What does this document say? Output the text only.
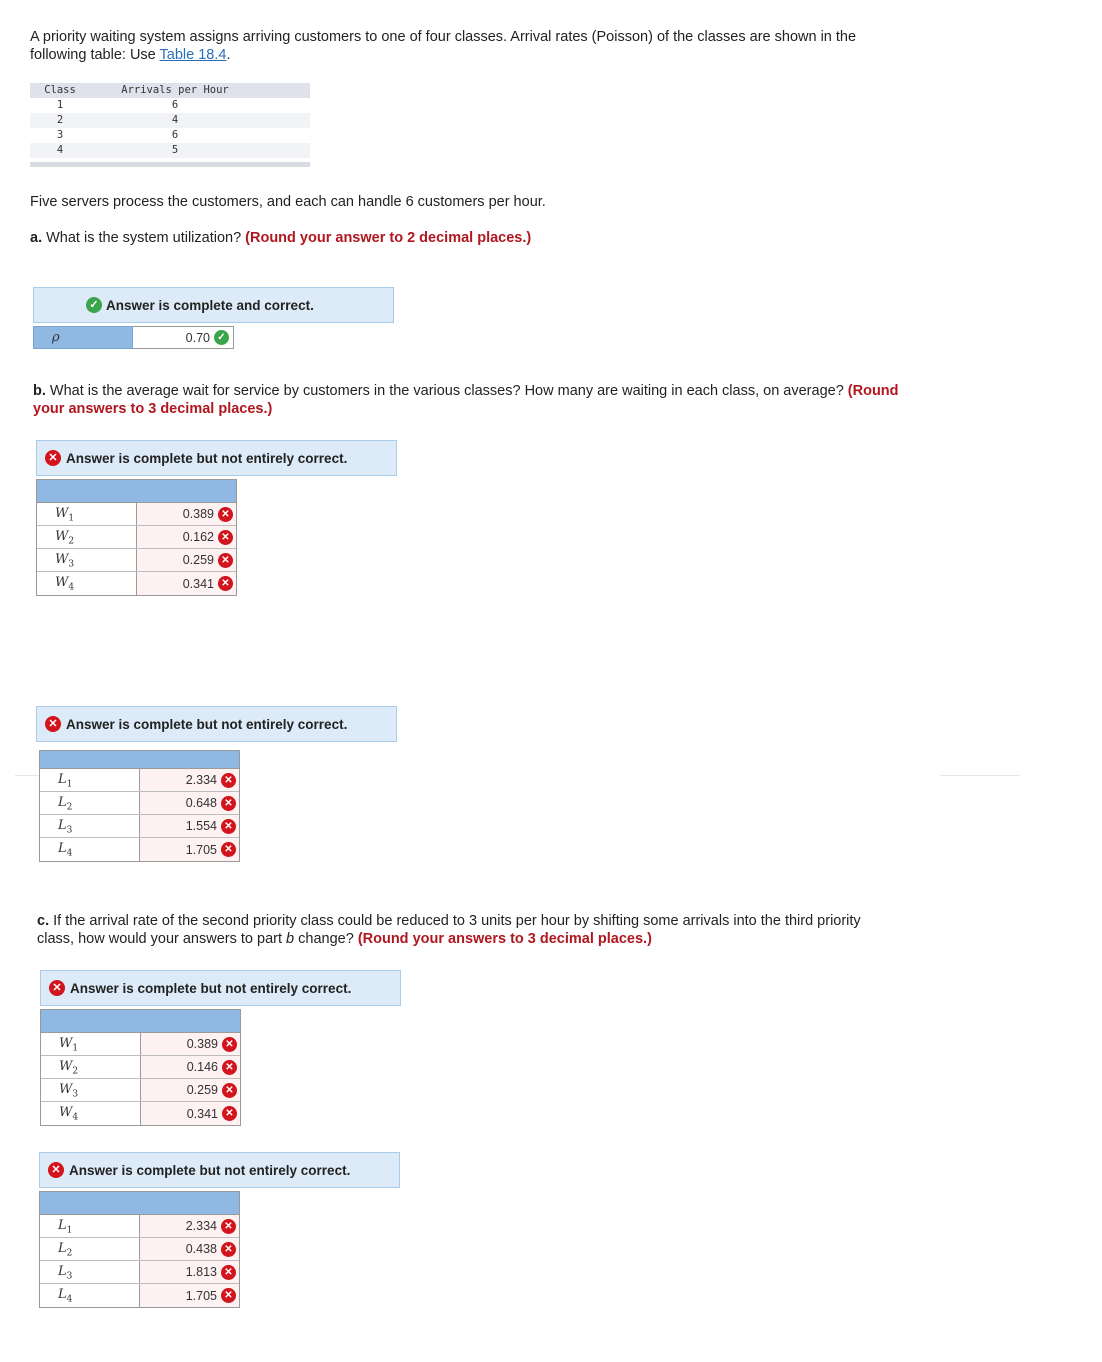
A priority waiting system assigns arriving customers to one of four classes. Arrival rates (Poisson) of the classes are shown in the
following table: Use Table 18.4.
Class	Arrivals per Hour
1	6
2	4
3	6
4	5
Five servers process the customers, and each can handle 6 customers per hour.
a. What is the system utilization? (Round your answer to 2 decimal places.)
✓ Answer is complete and correct.
ρ	0.70 ✓
b. What is the average wait for service by customers in the various classes? How many are waiting in each class, on average? (Round
your answers to 3 decimal places.)
✕ Answer is complete but not entirely correct.
$W_1$	0.389 ✕
$W_2$	0.162 ✕
$W_3$	0.259 ✕
$W_4$	0.341 ✕
✕ Answer is complete but not entirely correct.
$L_1$	2.334 ✕
$L_2$	0.648 ✕
$L_3$	1.554 ✕
$L_4$	1.705 ✕
c. If the arrival rate of the second priority class could be reduced to 3 units per hour by shifting some arrivals into the third priority
class, how would your answers to part b change? (Round your answers to 3 decimal places.)
✕ Answer is complete but not entirely correct.
$W_1$	0.389 ✕
$W_2$	0.146 ✕
$W_3$	0.259 ✕
$W_4$	0.341 ✕
✕ Answer is complete but not entirely correct.
$L_1$	2.334 ✕
$L_2$	0.438 ✕
$L_3$	1.813 ✕
$L_4$	1.705 ✕
